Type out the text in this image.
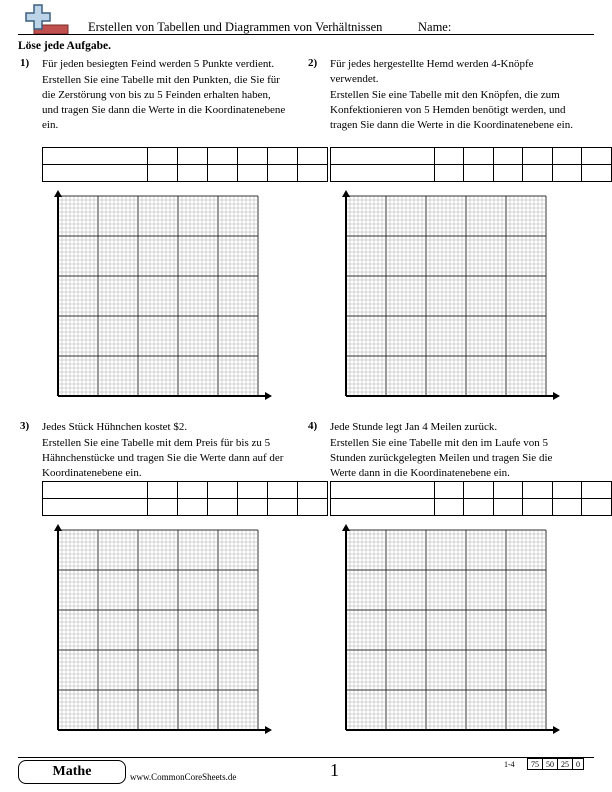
Erstellen von Tabellen und Diagrammen von Verhältnissen	Name:
Löse jede Aufgabe.
1) Für jeden besiegten Feind werden 5 Punkte verdient.

Erstellen Sie eine Tabelle mit den Punkten, die Sie für die Zerstörung von bis zu 5 Feinden erhalten haben, und tragen Sie dann die Werte in die Koordinatenebene ein.

2) Für jedes hergestellte Hemd werden 4-Knöpfe verwendet.

Erstellen Sie eine Tabelle mit den Knöpfen, die zum Konfektionieren von 5 Hemden benötigt werden, und tragen Sie dann die Werte in die Koordinatenebene ein.

3) Jedes Stück Hühnchen kostet $2.

Erstellen Sie eine Tabelle mit dem Preis für bis zu 5 Hähnchenstücke und tragen Sie die Werte dann auf der Koordinatenebene ein.

4) Jede Stunde legt Jan 4 Meilen zurück.

Erstellen Sie eine Tabelle mit den im Laufe von 5 Stunden zurückgelegten Meilen und tragen Sie die Werte dann in die Koordinatenebene ein.

Mathe	www.CommonCoreSheets.de	1	1-4 75	50	25	0
